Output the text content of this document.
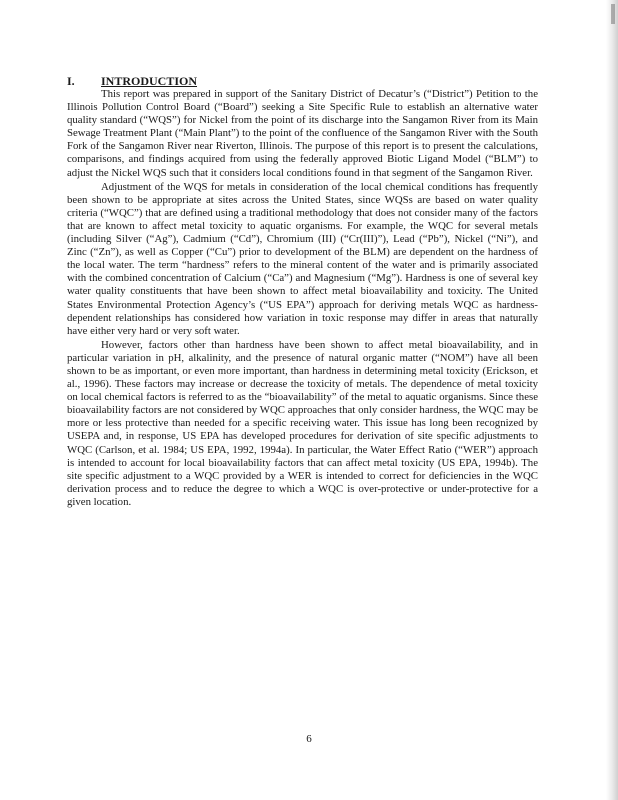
I. INTRODUCTION

This report was prepared in support of the Sanitary District of Decatur’s (“District”) Petition to the Illinois Pollution Control Board (“Board”) seeking a Site Specific Rule to establish an alternative water quality standard (“WQS”) for Nickel from the point of its discharge into the Sangamon River from its Main Sewage Treatment Plant (“Main Plant”) to the point of the confluence of the Sangamon River with the South Fork of the Sangamon River near Riverton, Illinois. The purpose of this report is to present the calculations, comparisons, and findings acquired from using the federally approved Biotic Ligand Model (“BLM”) to adjust the Nickel WQS such that it considers local conditions found in that segment of the Sangamon River.

Adjustment of the WQS for metals in consideration of the local chemical conditions has frequently been shown to be appropriate at sites across the United States, since WQSs are based on water quality criteria (“WQC”) that are defined using a traditional methodology that does not consider many of the factors that are known to affect metal toxicity to aquatic organisms. For example, the WQC for several metals (including Silver (“Ag”), Cadmium (“Cd”), Chromium (III) (“Cr(III)”), Lead (“Pb”), Nickel (“Ni”), and Zinc (“Zn”), as well as Copper (“Cu”) prior to development of the BLM) are dependent on the hardness of the local water. The term “hardness” refers to the mineral content of the water and is primarily associated with the combined concentration of Calcium (“Ca”) and Magnesium (“Mg”). Hardness is one of several key water quality constituents that have been shown to affect metal bioavailability and toxicity. The United States Environmental Protection Agency’s (“US EPA”) approach for deriving metals WQC as hardness-dependent relationships has considered how variation in toxic response may differ in areas that naturally have either very hard or very soft water.

However, factors other than hardness have been shown to affect metal bioavailability, and in particular variation in pH, alkalinity, and the presence of natural organic matter (“NOM”) have all been shown to be as important, or even more important, than hardness in determining metal toxicity (Erickson, et al., 1996). These factors may increase or decrease the toxicity of metals. The dependence of metal toxicity on local chemical factors is referred to as the “bioavailability” of the metal to aquatic organisms. Since these bioavailability factors are not considered by WQC approaches that only consider hardness, the WQC may be more or less protective than needed for a specific receiving water. This issue has long been recognized by USEPA and, in response, US EPA has developed procedures for derivation of site specific adjustments to WQC (Carlson, et al. 1984; US EPA, 1992, 1994a). In particular, the Water Effect Ratio (“WER”) approach is intended to account for local bioavailability factors that can affect metal toxicity (US EPA, 1994b). The site specific adjustment to a WQC provided by a WER is intended to correct for deficiencies in the WQC derivation process and to reduce the degree to which a WQC is over-protective or under-protective for a given location.

6
